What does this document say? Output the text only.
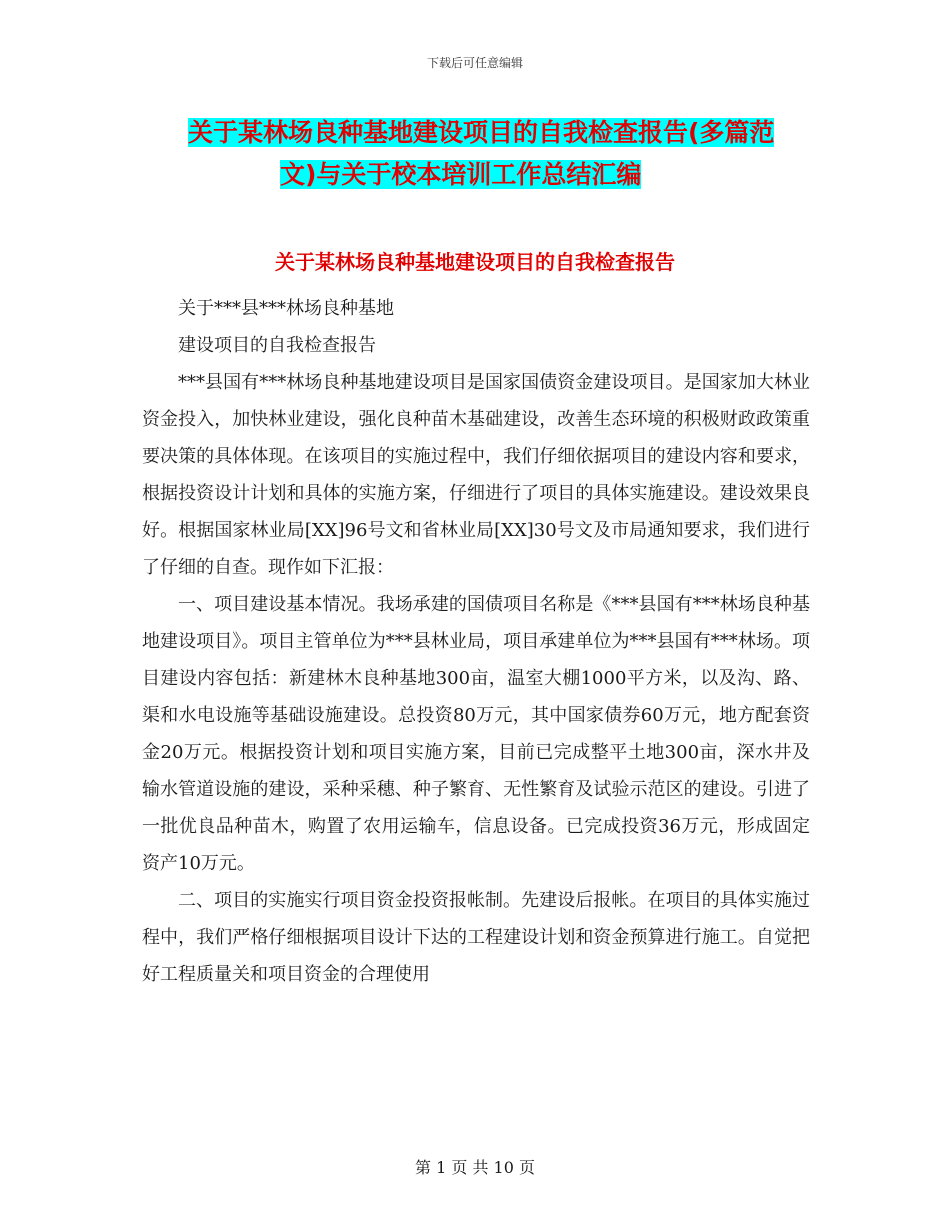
下载后可任意编辑
关于某林场良种基地建设项目的自我检查报告(多篇范
文)与关于校本培训工作总结汇编
关于某林场良种基地建设项目的自我检查报告

关于***县***林场良种基地

建设项目的自我检查报告

***县国有***林场良种基地建设项目是国家国债资金建设项目。是国家加大林业资金投入，加快林业建设，强化良种苗木基础建设，改善生态环境的积极财政政策重要决策的具体体现。在该项目的实施过程中，我们仔细依据项目的建设内容和要求，根据投资设计计划和具体的实施方案，仔细进行了项目的具体实施建设。建设效果良好。根据国家林业局[XX]96号文和省林业局[XX]30号文及市局通知要求，我们进行了仔细的自查。现作如下汇报：

一、项目建设基本情况。我场承建的国债项目名称是《***县国有***林场良种基地建设项目》。项目主管单位为***县林业局，项目承建单位为***县国有***林场。项目建设内容包括：新建林木良种基地300亩，温室大棚1000平方米，以及沟、路、渠和水电设施等基础设施建设。总投资80万元，其中国家债券60万元，地方配套资金20万元。根据投资计划和项目实施方案，目前已完成整平土地300亩，深水井及输水管道设施的建设，采种采穗、种子繁育、无性繁育及试验示范区的建设。引进了一批优良品种苗木，购置了农用运输车，信息设备。已完成投资36万元，形成固定资产10万元。

二、项目的实施实行项目资金投资报帐制。先建设后报帐。在项目的具体实施过程中，我们严格仔细根据项目设计下达的工程建设计划和资金预算进行施工。自觉把好工程质量关和项目资金的合理使用

第 1 页 共 10 页
